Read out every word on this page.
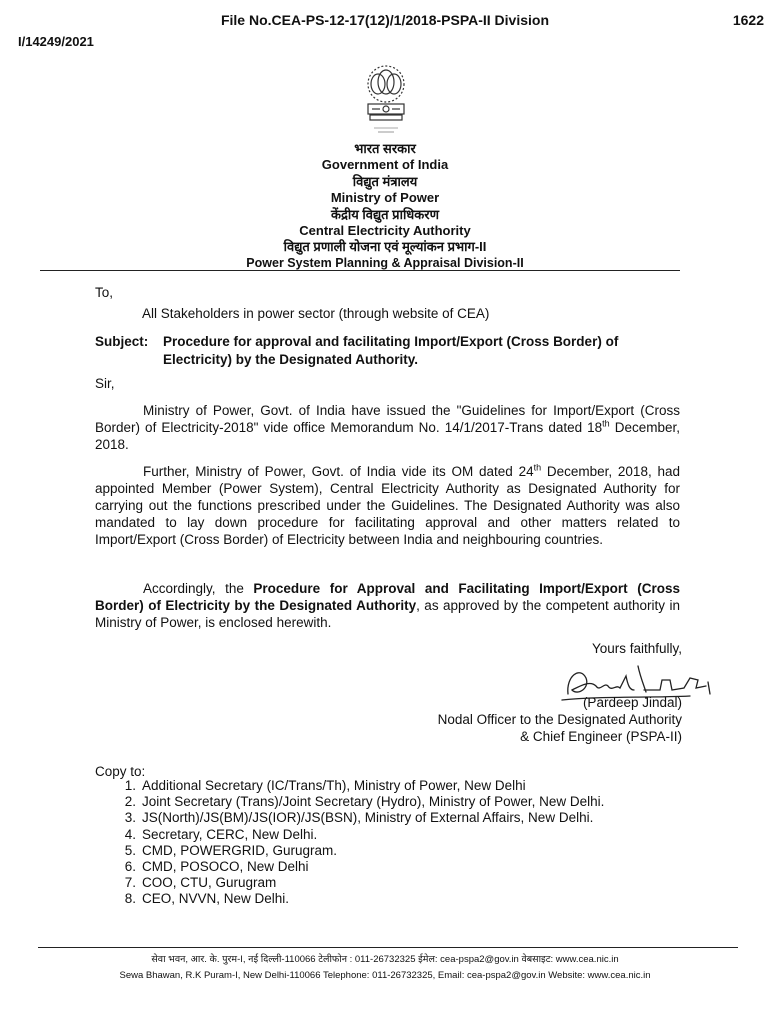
File No.CEA-PS-12-17(12)/1/2018-PSPA-II Division	1622
I/14249/2021
भारत सरकार
Government of India
विद्युत मंत्रालय
Ministry of Power
केंद्रीय विद्युत प्राधिकरण
Central Electricity Authority
विद्युत प्रणाली योजना एवं मूल्यांकन प्रभाग-II
Power System Planning & Appraisal Division-II
To,
All Stakeholders in power sector (through website of CEA)
Subject: Procedure for approval and facilitating Import/Export (Cross Border) of Electricity) by the Designated Authority.
Sir,
Ministry of Power, Govt. of India have issued the "Guidelines for Import/Export (Cross Border) of Electricity-2018" vide office Memorandum No. 14/1/2017-Trans dated 18th December, 2018.
Further, Ministry of Power, Govt. of India vide its OM dated 24th December, 2018, had appointed Member (Power System), Central Electricity Authority as Designated Authority for carrying out the functions prescribed under the Guidelines. The Designated Authority was also mandated to lay down procedure for facilitating approval and other matters related to Import/Export (Cross Border) of Electricity between India and neighbouring countries.
Accordingly, the Procedure for Approval and Facilitating Import/Export (Cross Border) of Electricity by the Designated Authority, as approved by the competent authority in Ministry of Power, is enclosed herewith.
Yours faithfully,
(Pardeep Jindal)
Nodal Officer to the Designated Authority
& Chief Engineer (PSPA-II)
Copy to:
1. Additional Secretary (IC/Trans/Th), Ministry of Power, New Delhi
2. Joint Secretary (Trans)/Joint Secretary (Hydro), Ministry of Power, New Delhi.
3. JS(North)/JS(BM)/JS(IOR)/JS(BSN), Ministry of External Affairs, New Delhi.
4. Secretary, CERC, New Delhi.
5. CMD, POWERGRID, Gurugram.
6. CMD, POSOCO, New Delhi
7. COO, CTU, Gurugram
8. CEO, NVVN, New Delhi.
सेवा भवन, आर. के. पुरम-I, नई दिल्ली-110066 टेलीफोन : 011-26732325 ईमेल: cea-pspa2@gov.in वेबसाइट: www.cea.nic.in
Sewa Bhawan, R.K Puram-I, New Delhi-110066 Telephone: 011-26732325, Email: cea-pspa2@gov.in Website: www.cea.nic.in
